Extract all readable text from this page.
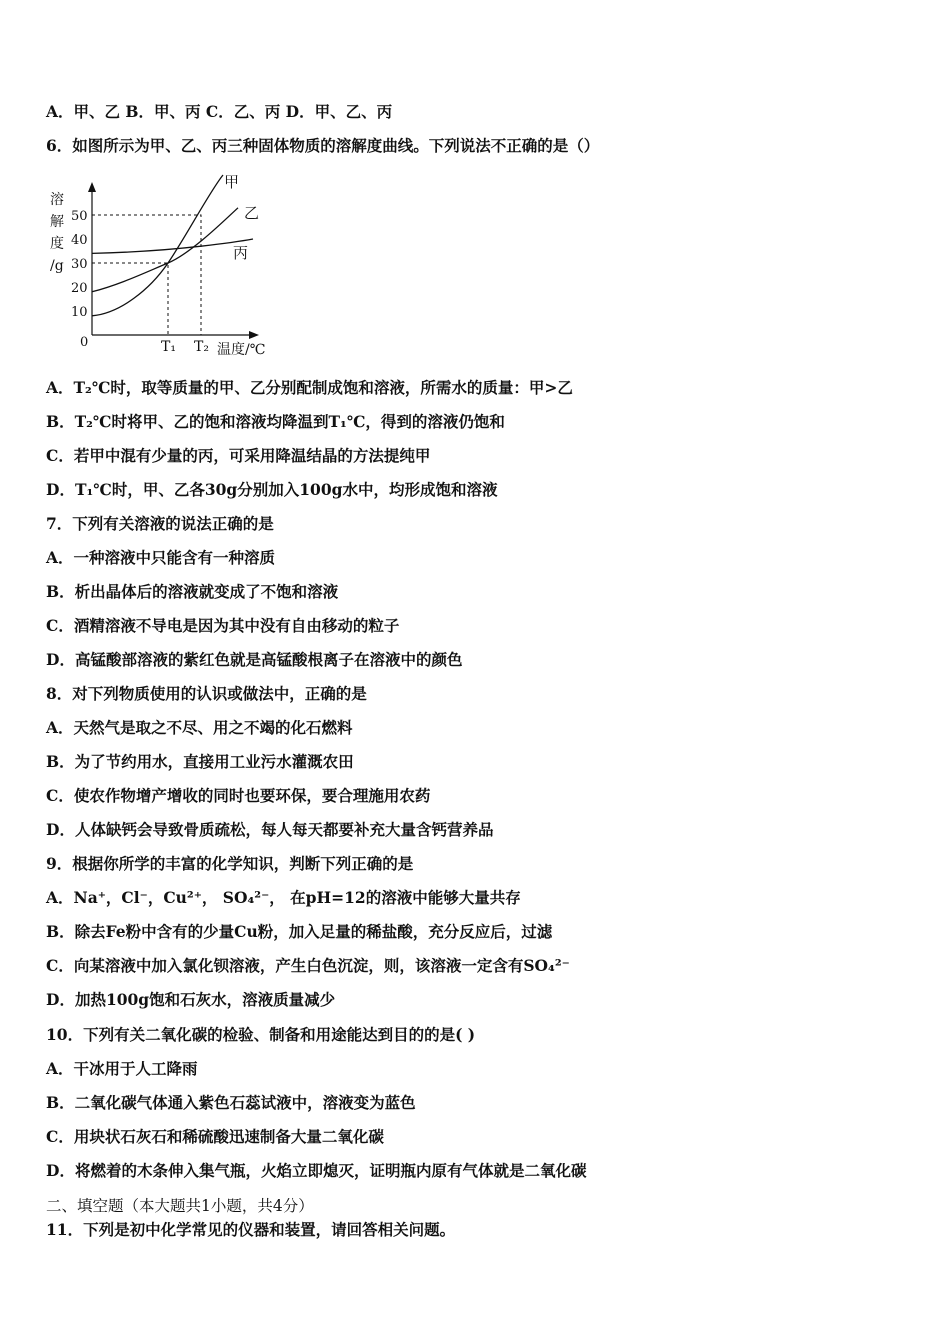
A．甲、乙 B．甲、丙 C．乙、丙 D．甲、乙、丙
6．如图所示为甲、乙、丙三种固体物质的溶解度曲线。下列说法不正确的是（）
溶
解
度
/g
10
20
30
40
50
T₁ T₂
甲
乙
丙
0	温度/℃
A．T₂℃时，取等质量的甲、乙分别配制成饱和溶液，所需水的质量：甲>乙
B．T₂℃时将甲、乙的饱和溶液均降温到T₁℃，得到的溶液仍饱和
C．若甲中混有少量的丙，可采用降温结晶的方法提纯甲
D．T₁℃时，甲、乙各30g分别加入100g水中，均形成饱和溶液
7．下列有关溶液的说法正确的是
A．一种溶液中只能含有一种溶质
B．析出晶体后的溶液就变成了不饱和溶液
C．酒精溶液不导电是因为其中没有自由移动的粒子
D．高锰酸部溶液的紫红色就是高锰酸根离子在溶液中的颜色
8．对下列物质使用的认识或做法中，正确的是
A．天然气是取之不尽、用之不竭的化石燃料
B．为了节约用水，直接用工业污水灌溉农田
C．使农作物增产增收的同时也要环保，要合理施用农药
D．人体缺钙会导致骨质疏松，每人每天都要补充大量含钙营养品
9．根据你所学的丰富的化学知识，判断下列正确的是
A．Na⁺，Cl⁻，Cu²⁺， SO₄²⁻， 在pH=12的溶液中能够大量共存
B．除去Fe粉中含有的少量Cu粉，加入足量的稀盐酸，充分反应后，过滤
C．向某溶液中加入氯化钡溶液，产生白色沉淀，则，该溶液一定含有SO₄²⁻
D．加热100g饱和石灰水，溶液质量减少
10．下列有关二氧化碳的检验、制备和用途能达到目的的是( )
A．干冰用于人工降雨
B．二氧化碳气体通入紫色石蕊试液中，溶液变为蓝色
C．用块状石灰石和稀硫酸迅速制备大量二氧化碳
D．将燃着的木条伸入集气瓶，火焰立即熄灭，证明瓶内原有气体就是二氧化碳
二、填空题（本大题共1小题，共4分）
11．下列是初中化学常见的仪器和装置，请回答相关问题。
